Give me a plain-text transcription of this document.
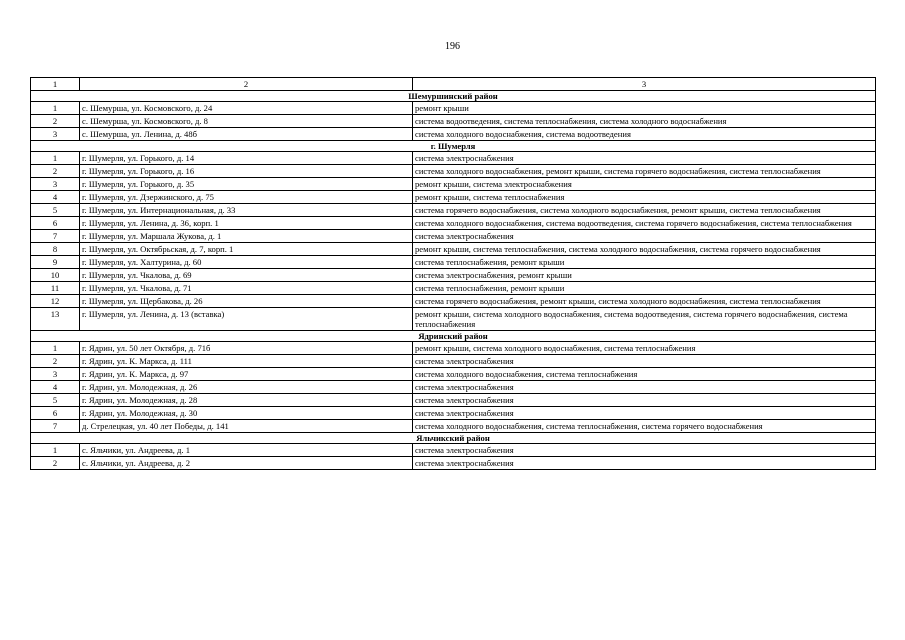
196
1	2	3
Шемуршинский район		
1	с. Шемурша, ул. Космовского, д. 24	ремонт крыши
2	с. Шемурша, ул. Космовского, д. 8	система водоотведения, система теплоснабжения, система холодного водоснабжения
3	с. Шемурша, ул. Ленина, д. 48б	система холодного водоснабжения, система водоотведения
г. Шумерля		
1	г. Шумерля, ул. Горького, д. 14	система электроснабжения
2	г. Шумерля, ул. Горького, д. 16	система холодного водоснабжения, ремонт крыши, система горячего водоснабжения, система теплоснабжения
3	г. Шумерля, ул. Горького, д. 35	ремонт крыши, система электроснабжения
4	г. Шумерля, ул. Дзержинского, д. 75	ремонт крыши, система теплоснабжения
5	г. Шумерля, ул. Интернациональная, д. 33	система горячего водоснабжения, система холодного водоснабжения, ремонт крыши, система теплоснабжения
6	г. Шумерля, ул. Ленина, д. 36, корп. 1	система холодного водоснабжения, система водоотведения, система горячего водоснабжения, система теплоснабжения
7	г. Шумерля, ул. Маршала Жукова, д. 1	система электроснабжения
8	г. Шумерля, ул. Октябрьская, д. 7, корп. 1	ремонт крыши, система теплоснабжения, система холодного водоснабжения, система горячего водоснабжения
9	г. Шумерля, ул. Халтурина, д. 60	система теплоснабжения, ремонт крыши
10	г. Шумерля, ул. Чкалова, д. 69	система электроснабжения, ремонт крыши
11	г. Шумерля, ул. Чкалова, д. 71	система теплоснабжения, ремонт крыши
12	г. Шумерля, ул. Щербакова, д. 26	система горячего водоснабжения, ремонт крыши, система холодного водоснабжения, система теплоснабжения
13	г. Шумерля, ул. Ленина, д. 13 (вставка)	ремонт крыши, система холодного водоснабжения, система водоотведения, система горячего водоснабжения, система теплоснабжения
Ядринский район		
1	г. Ядрин, ул. 50 лет Октября, д. 71б	ремонт крыши, система холодного водоснабжения, система теплоснабжения
2	г. Ядрин, ул. К. Маркса, д. 111	система электроснабжения
3	г. Ядрин, ул. К. Маркса, д. 97	система холодного водоснабжения, система теплоснабжения
4	г. Ядрин, ул. Молодежная, д. 26	система электроснабжения
5	г. Ядрин, ул. Молодежная, д. 28	система электроснабжения
6	г. Ядрин, ул. Молодежная, д. 30	система электроснабжения
7	д. Стрелецкая, ул. 40 лет Победы, д. 141	система холодного водоснабжения, система теплоснабжения, система горячего водоснабжения
Яльчикский район		
1	с. Яльчики, ул. Андреева, д. 1	система электроснабжения
2	с. Яльчики, ул. Андреева, д. 2	система электроснабжения
